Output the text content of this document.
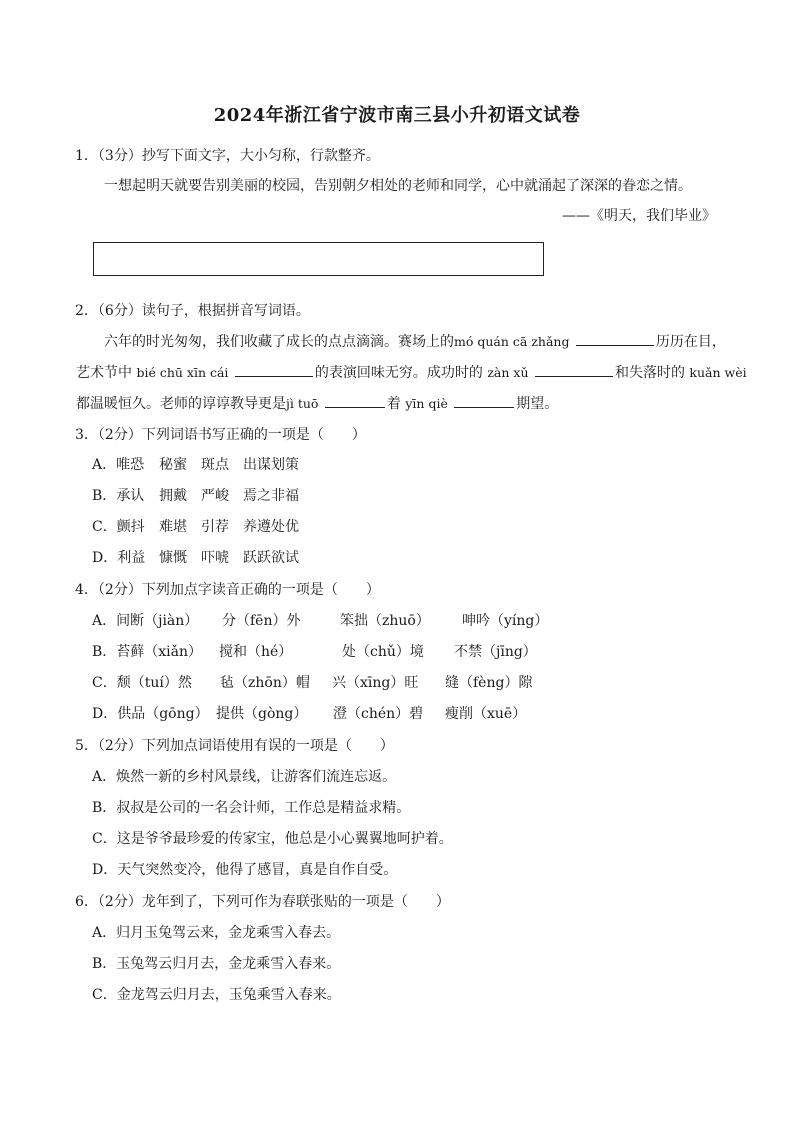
2024年浙江省宁波市南三县小升初语文试卷
1．（3分）抄写下面文字，大小匀称，行款整齐。
一想起明天就要告别美丽的校园，告别朝夕相处的老师和同学，心中就涌起了深深的眷恋之情。
——《明天，我们毕业》
2．（6分）读句子，根据拼音写词语。
六年的时光匆匆，我们收藏了成长的点点滴滴。赛场上的mó quán cā zhǎng	历历在目，
艺术节中 bié chū xīn cái	的表演回味无穷。成功时的 zàn xǔ	和失落时的 kuǎn wèi
都温暖恒久。老师的谆谆教导更是jì tuō	着 yīn qiè	期望。
3．（2分）下列词语书写正确的一项是（　　）
A．唯恐 秘蜜 斑点 出谋划策
B．承认 拥戴 严峻 焉之非福
C．颤抖 难堪 引荐 养遵处优
D．利益 慷慨 吓唬 跃跃欲试
4．（2分）下列加点字读音正确的一项是（　　）
A．间断（jiàn） 分（fēn）外	笨拙（zhuō） 呻吟（yíng）
B．苔藓（xiǎn） 搅和（hé）	处（chǔ）境 不禁（jīng）
C．颓（tuí）然 毡（zhōn）帽 兴（xīng）旺 缝（fèng）隙
D．供品（gōng） 提供（gòng） 澄（chén）碧 瘦削（xuē）
5．（2分）下列加点词语使用有误的一项是（　　）
A．焕然一新的乡村风景线，让游客们流连忘返。
B．叔叔是公司的一名会计师，工作总是精益求精。
C．这是爷爷最珍爱的传家宝，他总是小心翼翼地呵护着。
D．天气突然变冷，他得了感冒，真是自作自受。
6．（2分）龙年到了，下列可作为春联张贴的一项是（　　）
A．归月玉兔驾云来，金龙乘雪入春去。
B．玉兔驾云归月去，金龙乘雪入春来。
C．金龙驾云归月去，玉兔乘雪入春来。
